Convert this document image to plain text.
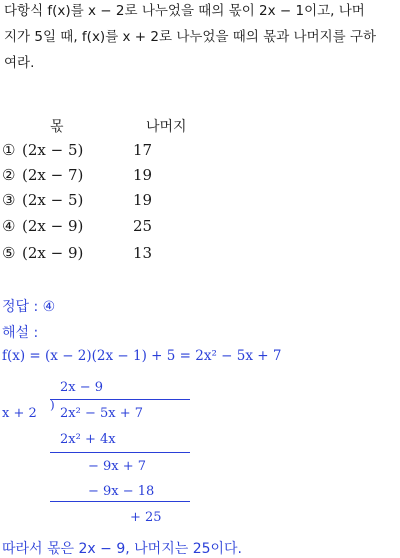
다항식 f(x)를 x − 2로 나누었을 때의 몫이 2x − 1이고, 나머
지가 5일 때, f(x)를 x + 2로 나누었을 때의 몫과 나머지를 구하
여라.
몫	나머지
① (2x − 5)	17
② (2x − 7)	19
③ (2x − 5)	19
④ (2x − 9)	25
⑤ (2x − 9)	13
정답 : ④
해설 :
f(x) = (x − 2)(2x − 1) + 5 = 2x² − 5x + 7
2x − 9
)
x + 2 2x² − 5x + 7
2x² + 4x
− 9x + 7
− 9x − 18
+ 25
따라서 몫은 2x − 9, 나머지는 25이다.
